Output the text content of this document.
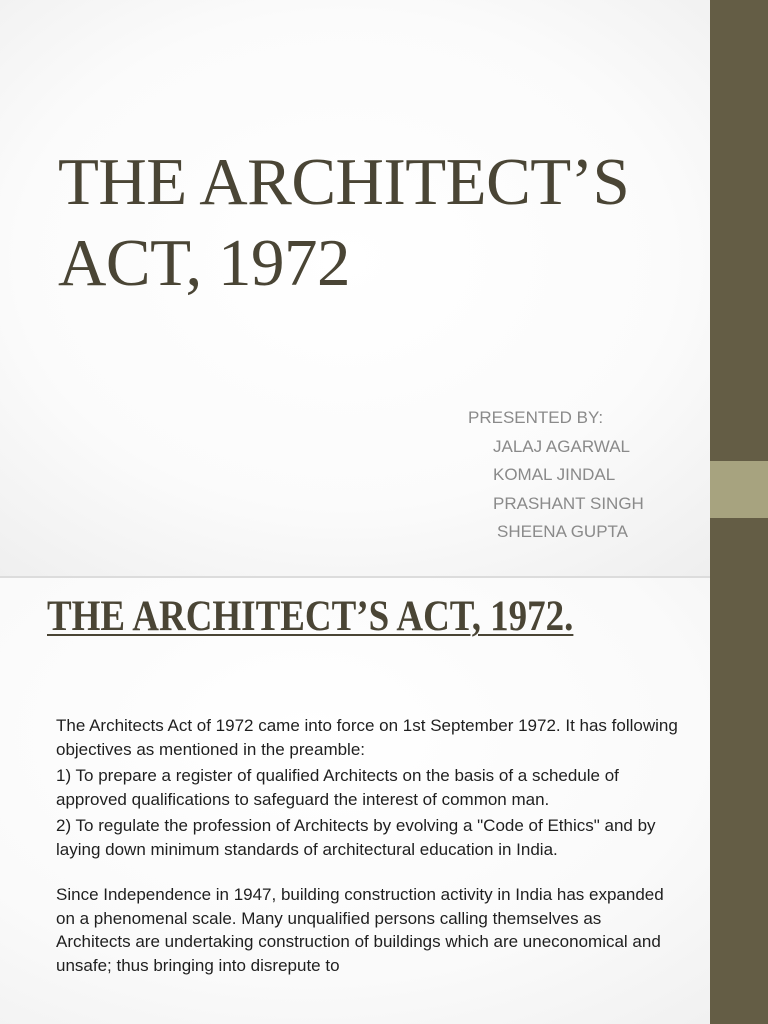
THE ARCHITECT’S
ACT, 1972
PRESENTED BY:
JALAJ AGARWAL
KOMAL JINDAL
PRASHANT SINGH
SHEENA GUPTA
THE ARCHITECT’S ACT, 1972.

The Architects Act of 1972 came into force on 1st September 1972. It has following objectives as mentioned in the preamble:

1) To prepare a register of qualified Architects on the basis of a schedule of approved qualifications to safeguard the interest of common man.

2) To regulate the profession of Architects by evolving a "Code of Ethics" and by laying down minimum standards of architectural education in India.

Since Independence in 1947, building construction activity in India has expanded on a phenomenal scale. Many unqualified persons calling themselves as Architects are undertaking construction of buildings which are uneconomical and unsafe; thus bringing into disrepute to
